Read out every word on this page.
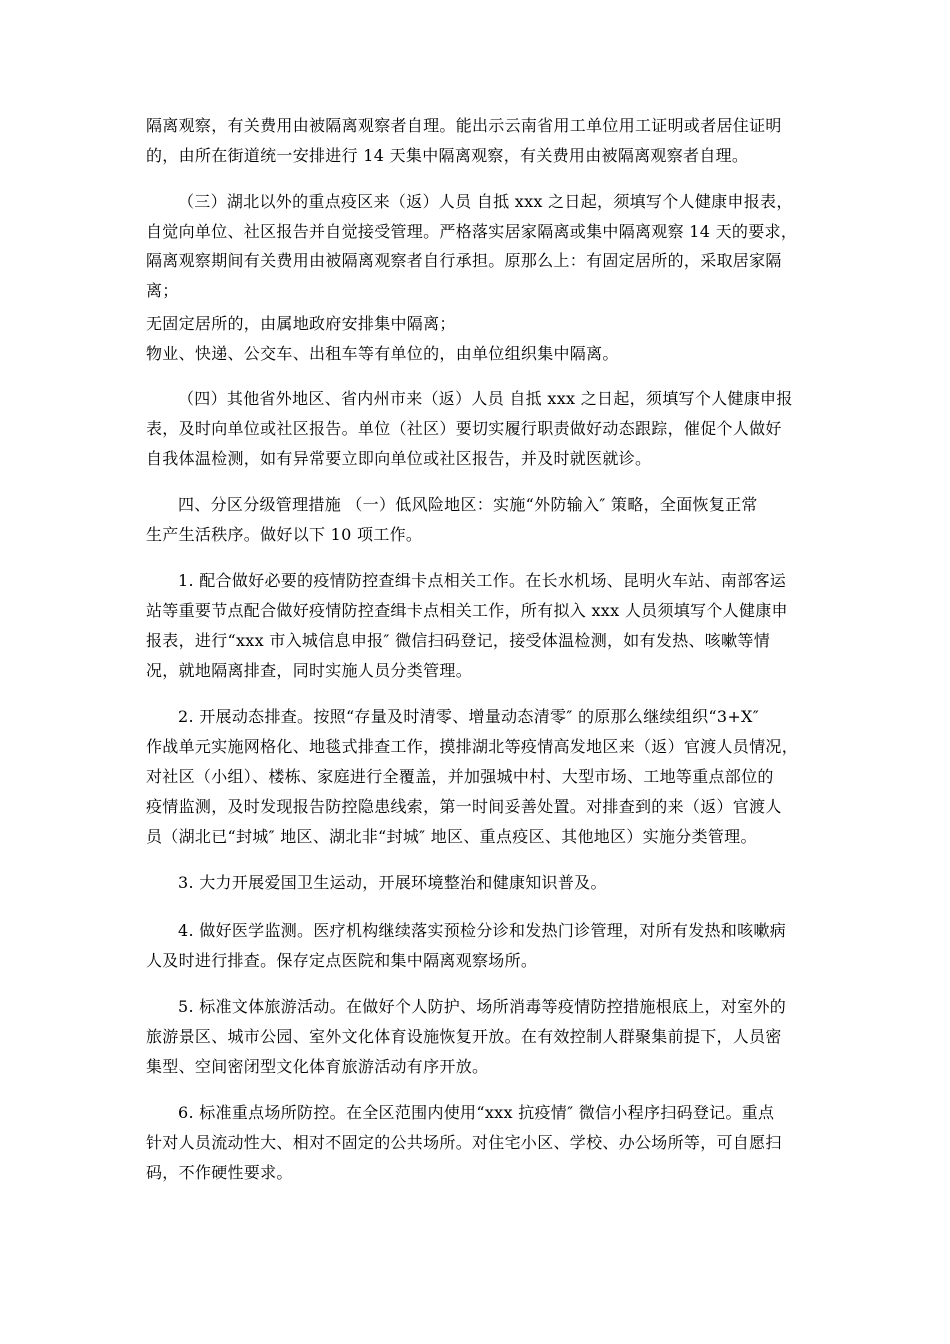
隔离观察，有关费用由被隔离观察者自理。能出示云南省用工单位用工证明或者居住证明
的，由所在街道统一安排进行 14 天集中隔离观察，有关费用由被隔离观察者自理。
（三）湖北以外的重点疫区来（返）人员 自抵 xxx 之日起，须填写个人健康申报表，
自觉向单位、社区报告并自觉接受管理。严格落实居家隔离或集中隔离观察 14 天的要求，
隔离观察期间有关费用由被隔离观察者自行承担。原那么上：有固定居所的，采取居家隔
离；
无固定居所的，由属地政府安排集中隔离；
物业、快递、公交车、出租车等有单位的，由单位组织集中隔离。
（四）其他省外地区、省内州市来（返）人员 自抵 xxx 之日起，须填写个人健康申报
表，及时向单位或社区报告。单位（社区）要切实履行职责做好动态跟踪，催促个人做好
自我体温检测，如有异常要立即向单位或社区报告，并及时就医就诊。
四、分区分级管理措施 （一）低风险地区：实施“外防输入″ 策略，全面恢复正常
生产生活秩序。做好以下 10 项工作。
1. 配合做好必要的疫情防控查缉卡点相关工作。在长水机场、昆明火车站、南部客运
站等重要节点配合做好疫情防控查缉卡点相关工作，所有拟入 xxx 人员须填写个人健康申
报表，进行“xxx 市入城信息申报″ 微信扫码登记，接受体温检测，如有发热、咳嗽等情
况，就地隔离排查，同时实施人员分类管理。
2. 开展动态排查。按照“存量及时清零、增量动态清零″ 的原那么继续组织“3+X″
作战单元实施网格化、地毯式排查工作，摸排湖北等疫情高发地区来（返）官渡人员情况，
对社区（小组）、楼栋、家庭进行全覆盖，并加强城中村、大型市场、工地等重点部位的
疫情监测，及时发现报告防控隐患线索，第一时间妥善处置。对排查到的来（返）官渡人
员（湖北已“封城″ 地区、湖北非“封城″ 地区、重点疫区、其他地区）实施分类管理。
3. 大力开展爱国卫生运动，开展环境整治和健康知识普及。
4. 做好医学监测。医疗机构继续落实预检分诊和发热门诊管理，对所有发热和咳嗽病
人及时进行排查。保存定点医院和集中隔离观察场所。
5. 标准文体旅游活动。在做好个人防护、场所消毒等疫情防控措施根底上，对室外的
旅游景区、城市公园、室外文化体育设施恢复开放。在有效控制人群聚集前提下，人员密
集型、空间密闭型文化体育旅游活动有序开放。
6. 标准重点场所防控。在全区范围内使用“xxx 抗疫情″ 微信小程序扫码登记。重点
针对人员流动性大、相对不固定的公共场所。对住宅小区、学校、办公场所等，可自愿扫
码，不作硬性要求。
